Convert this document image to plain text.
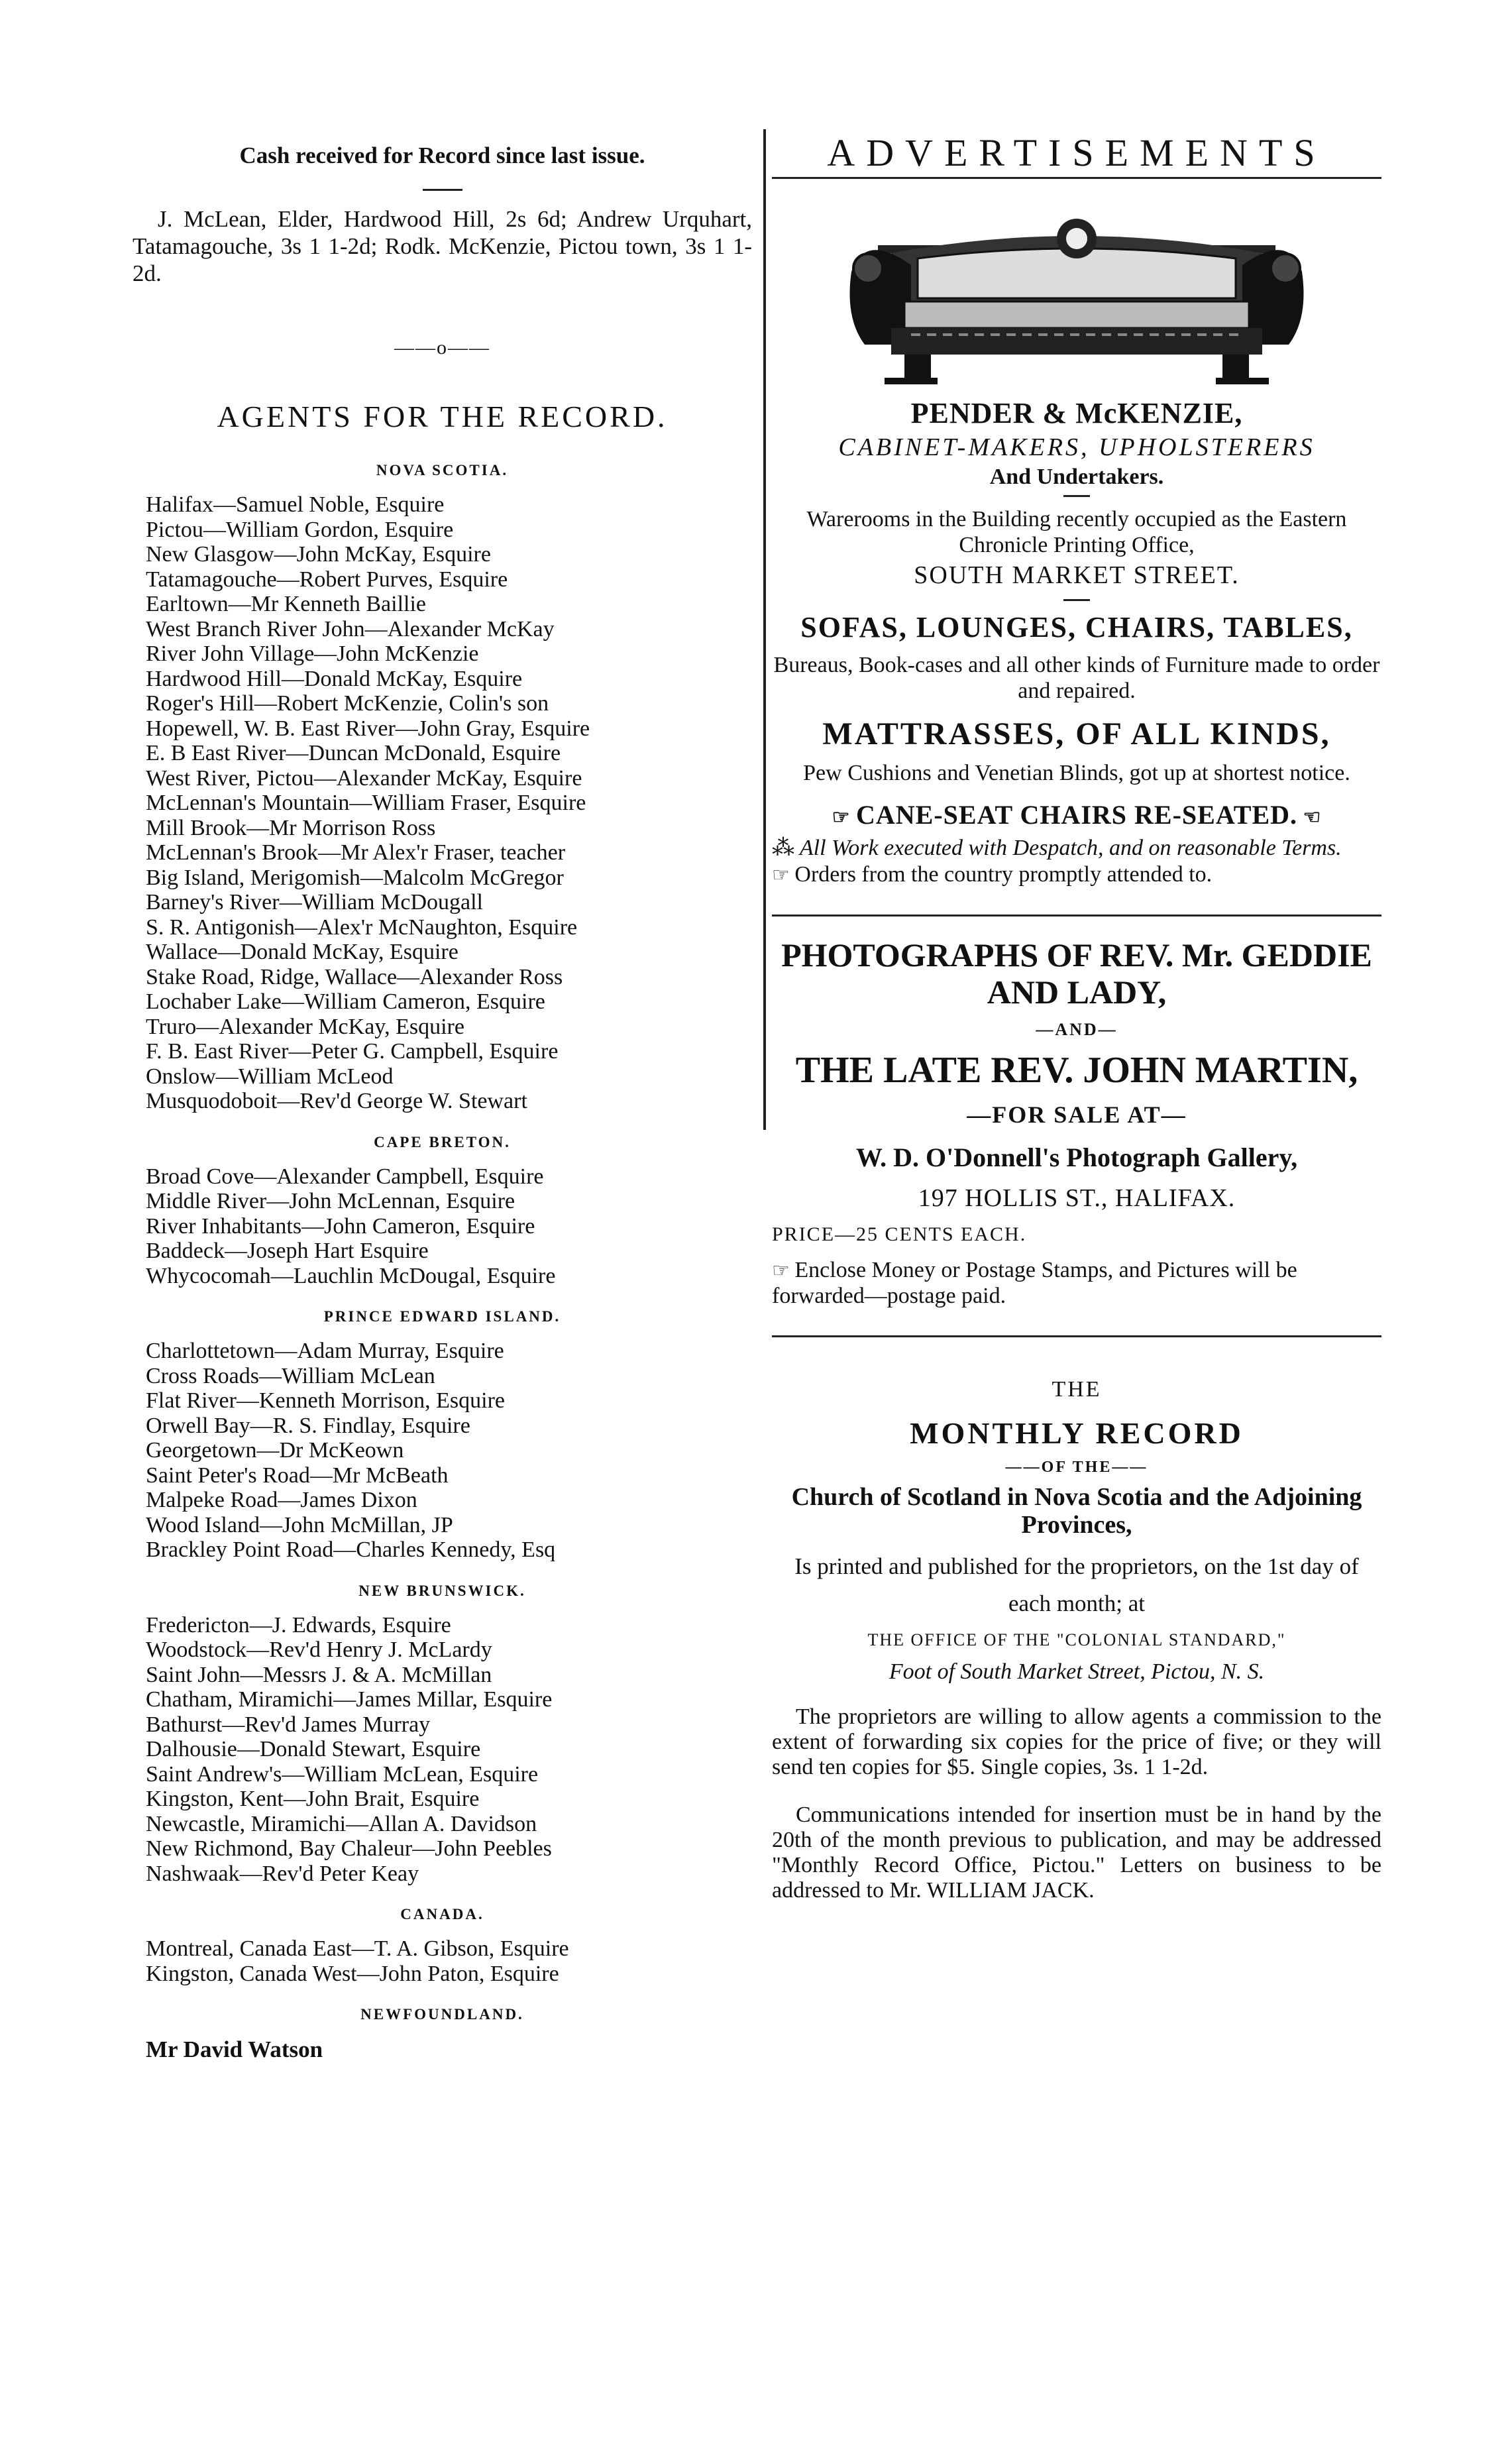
Cash received for Record since last issue.

J. McLean, Elder, Hardwood Hill, 2s 6d; Andrew Urquhart, Tatamagouche, 3s 1 1-2d; Rodk. McKenzie, Pictou town, 3s 1 1-2d.

——o——
AGENTS FOR THE RECORD.
NOVA SCOTIA.
Halifax—Samuel Noble, Esquire
Pictou—William Gordon, Esquire
New Glasgow—John McKay, Esquire
Tatamagouche—Robert Purves, Esquire
Earltown—Mr Kenneth Baillie
West Branch River John—Alexander McKay
River John Village—John McKenzie
Hardwood Hill—Donald McKay, Esquire
Roger's Hill—Robert McKenzie, Colin's son
Hopewell, W. B. East River—John Gray, Esquire
E. B East River—Duncan McDonald, Esquire
West River, Pictou—Alexander McKay, Esquire
McLennan's Mountain—William Fraser, Esquire
Mill Brook—Mr Morrison Ross
McLennan's Brook—Mr Alex'r Fraser, teacher
Big Island, Merigomish—Malcolm McGregor
Barney's River—William McDougall
S. R. Antigonish—Alex'r McNaughton, Esquire
Wallace—Donald McKay, Esquire
Stake Road, Ridge, Wallace—Alexander Ross
Lochaber Lake—William Cameron, Esquire
Truro—Alexander McKay, Esquire
F. B. East River—Peter G. Campbell, Esquire
Onslow—William McLeod
Musquodoboit—Rev'd George W. Stewart
CAPE BRETON.
Broad Cove—Alexander Campbell, Esquire
Middle River—John McLennan, Esquire
River Inhabitants—John Cameron, Esquire
Baddeck—Joseph Hart Esquire
Whycocomah—Lauchlin McDougal, Esquire
PRINCE EDWARD ISLAND.
Charlottetown—Adam Murray, Esquire
Cross Roads—William McLean
Flat River—Kenneth Morrison, Esquire
Orwell Bay—R. S. Findlay, Esquire
Georgetown—Dr McKeown
Saint Peter's Road—Mr McBeath
Malpeke Road—James Dixon
Wood Island—John McMillan, JP
Brackley Point Road—Charles Kennedy, Esq
NEW BRUNSWICK.
Fredericton—J. Edwards, Esquire
Woodstock—Rev'd Henry J. McLardy
Saint John—Messrs J. & A. McMillan
Chatham, Miramichi—James Millar, Esquire
Bathurst—Rev'd James Murray
Dalhousie—Donald Stewart, Esquire
Saint Andrew's—William McLean, Esquire
Kingston, Kent—John Brait, Esquire
Newcastle, Miramichi—Allan A. Davidson
New Richmond, Bay Chaleur—John Peebles
Nashwaak—Rev'd Peter Keay
CANADA.
Montreal, Canada East—T. A. Gibson, Esquire
Kingston, Canada West—John Paton, Esquire
NEWFOUNDLAND.
Mr David Watson
ADVERTISEMENTS
PENDER & McKENZIE,
CABINET-MAKERS, UPHOLSTERERS
And Undertakers.

Warerooms in the Building recently occupied as the Eastern Chronicle Printing Office,

SOUTH MARKET STREET.
SOFAS, LOUNGES, CHAIRS, TABLES,

Bureaus, Book-cases and all other kinds of Furniture made to order and repaired.

MATTRASSES, OF ALL KINDS,

Pew Cushions and Venetian Blinds, got up at shortest notice.

☞ CANE-SEAT CHAIRS RE-SEATED. ☜

⁂ All Work executed with Despatch, and on reasonable Terms.

☞ Orders from the country promptly attended to.

PHOTOGRAPHS OF REV. Mr. GEDDIE AND LADY,
—AND—
THE LATE REV. JOHN MARTIN,
—FOR SALE AT—
W. D. O'Donnell's Photograph Gallery,
197 HOLLIS ST., HALIFAX.
PRICE—25 CENTS EACH.

☞ Enclose Money or Postage Stamps, and Pictures will be forwarded—postage paid.

THE
MONTHLY RECORD
——OF THE——
Church of Scotland in Nova Scotia and the Adjoining Provinces,

Is printed and published for the proprietors, on the 1st day of each month; at

THE OFFICE OF THE "COLONIAL STANDARD,"
Foot of South Market Street, Pictou, N. S.

The proprietors are willing to allow agents a commission to the extent of forwarding six copies for the price of five; or they will send ten copies for $5. Single copies, 3s. 1 1-2d.

Communications intended for insertion must be in hand by the 20th of the month previous to publication, and may be addressed "Monthly Record Office, Pictou." Letters on business to be addressed to Mr. WILLIAM JACK.
